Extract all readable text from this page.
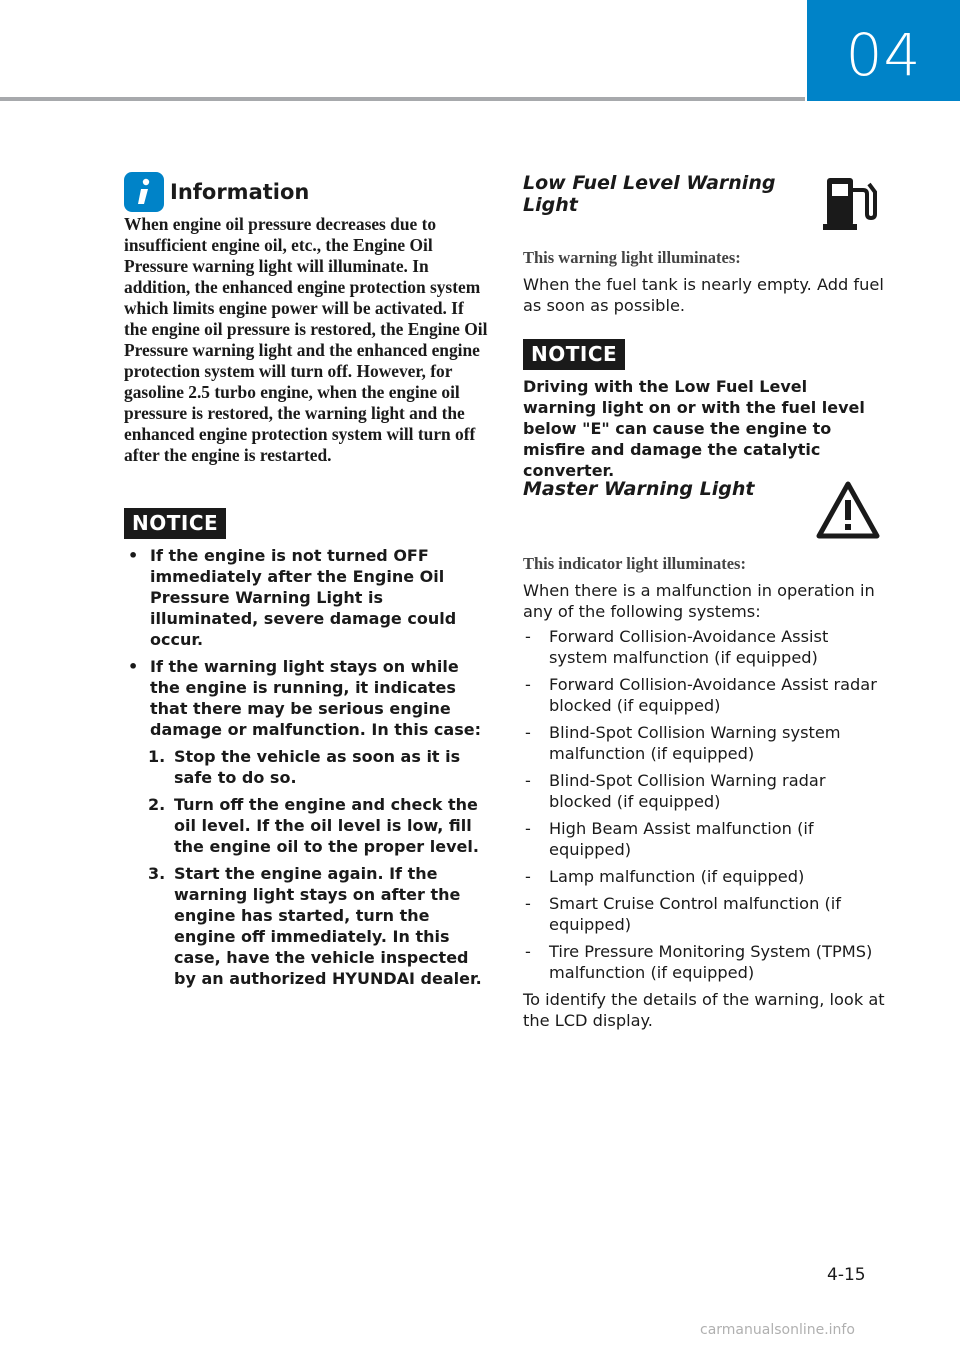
04
Information
When engine oil pressure decreases due to insufficient engine oil, etc., the Engine Oil Pressure warning light will illuminate. In addition, the enhanced engine protection system which limits engine power will be activated. If the engine oil pressure is restored, the Engine Oil Pressure warning light and the enhanced engine protection system will turn off. However, for gasoline 2.5 turbo engine, when the engine oil pressure is restored, the warning light and the enhanced engine protection system will turn off after the engine is restarted.
NOTICE
• If the engine is not turned OFF immediately after the Engine Oil Pressure Warning Light is illuminated, severe damage could occur.
• If the warning light stays on while the engine is running, it indicates that there may be serious engine damage or malfunction. In this case:
1. Stop the vehicle as soon as it is safe to do so.
2. Turn off the engine and check the oil level. If the oil level is low, fill the engine oil to the proper level.
3. Start the engine again. If the warning light stays on after the engine has started, turn the engine off immediately. In this case, have the vehicle inspected by an authorized HYUNDAI dealer.
Low Fuel Level Warning Light
This warning light illuminates:
When the fuel tank is nearly empty. Add fuel as soon as possible.
NOTICE
Driving with the Low Fuel Level warning light on or with the fuel level below "E" can cause the engine to misfire and damage the catalytic converter.
Master Warning Light
This indicator light illuminates:
When there is a malfunction in operation in any of the following systems:
- Forward Collision-Avoidance Assist system malfunction (if equipped)
- Forward Collision-Avoidance Assist radar blocked (if equipped)
- Blind-Spot Collision Warning system malfunction (if equipped)
- Blind-Spot Collision Warning radar blocked (if equipped)
- High Beam Assist malfunction (if equipped)
- Lamp malfunction (if equipped)
- Smart Cruise Control malfunction (if equipped)
- Tire Pressure Monitoring System (TPMS) malfunction (if equipped)
To identify the details of the warning, look at the LCD display.
4-15
carmanualsonline.info
